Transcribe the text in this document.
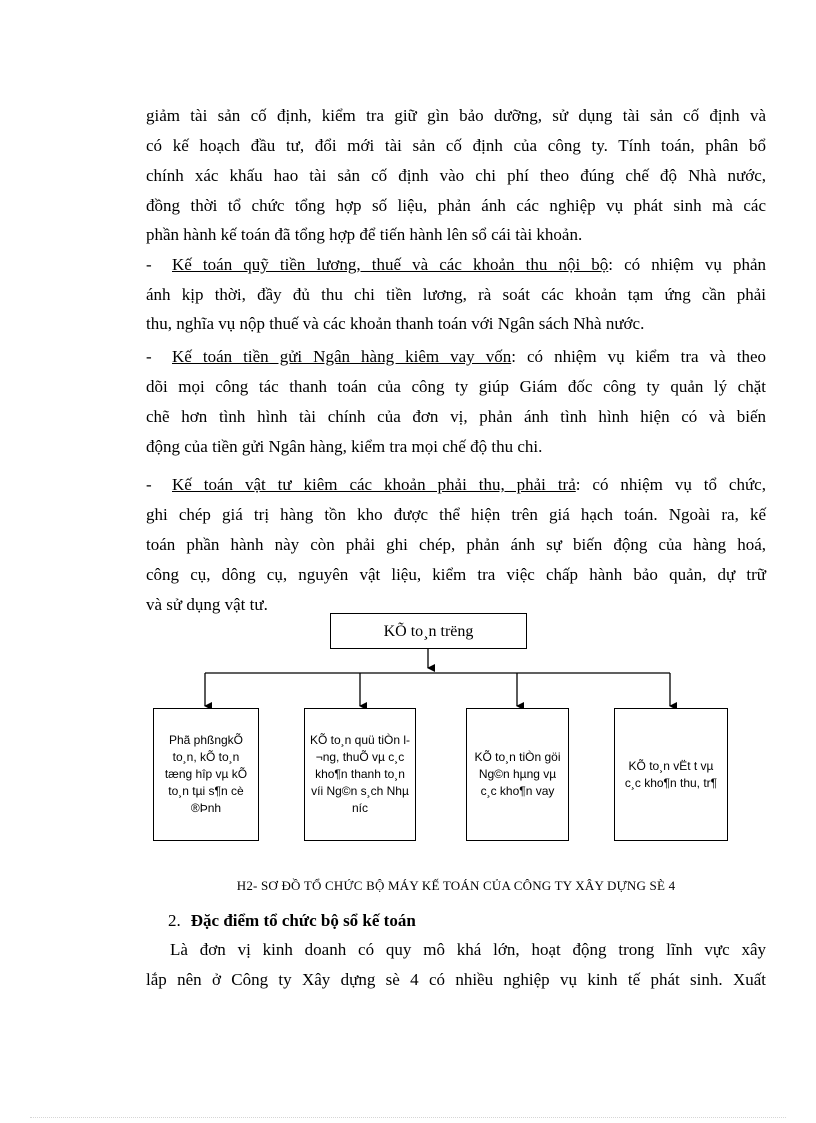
giảm tài sản cố định, kiểm tra giữ gìn bảo dưỡng, sử dụng tài sản cố định và
có kế hoạch đầu tư, đổi mới tài sản cố định của công ty. Tính toán, phân bổ
chính xác khấu hao tài sản cố định vào chi phí theo đúng chế độ Nhà nước,
đồng thời tổ chức tổng hợp số liệu, phản ánh các nghiệp vụ phát sinh mà các
phần hành kế toán đã tổng hợp để tiến hành lên sổ cái tài khoản.
- Kế toán quỹ tiền lương, thuế và các khoản thu nội bộ: có nhiệm vụ phản
ánh kịp thời, đầy đủ thu chi tiền lương, rà soát các khoản tạm ứng cần phải
thu, nghĩa vụ nộp thuế và các khoản thanh toán với Ngân sách Nhà nước.
- Kế toán tiền gửi Ngân hàng kiêm vay vốn: có nhiệm vụ kiểm tra và theo
dõi mọi công tác thanh toán của công ty giúp Giám đốc công ty quản lý chặt
chẽ hơn tình hình tài chính của đơn vị, phản ánh tình hình hiện có và biến
động của tiền gửi Ngân hàng, kiểm tra mọi chế độ thu chi.
- Kế toán vật tư kiêm các khoản phải thu, phải trả: có nhiệm vụ tổ chức,
ghi chép giá trị hàng tồn kho được thể hiện trên giá hạch toán. Ngoài ra, kế
toán phần hành này còn phải ghi chép, phản ánh sự biến động của hàng hoá,
công cụ, dông cụ, nguyên vật liệu, kiểm tra việc chấp hành bảo quản, dự trữ
và sử dụng vật tư.
KÕ to¸n trëng
Phã phßngkÕ to¸n, kÕ to¸n tæng hîp vµ kÕ to¸n tµi s¶n cè ®Þnh
KÕ to¸n quü tiÒn l¬ng, thuÕ vµ c¸c kho¶n thanh to¸n víi Ng©n s¸ch Nhµ níc
KÕ to¸n tiÒn göi Ng©n hµng vµ c¸c kho¶n vay
KÕ to¸n vËt t vµ c¸c kho¶n thu, tr¶
H2- SƠ ĐỒ TỔ CHỨC BỘ MÁY KẾ TOÁN CỦA CÔNG TY XÂY DỰNG SÈ 4
2. Đặc điểm tổ chức bộ sổ kế toán
Là đơn vị kinh doanh có quy mô khá lớn, hoạt động trong lĩnh vực xây
lắp nên ở Công ty Xây dựng sè 4 có nhiều nghiệp vụ kinh tế phát sinh. Xuất
